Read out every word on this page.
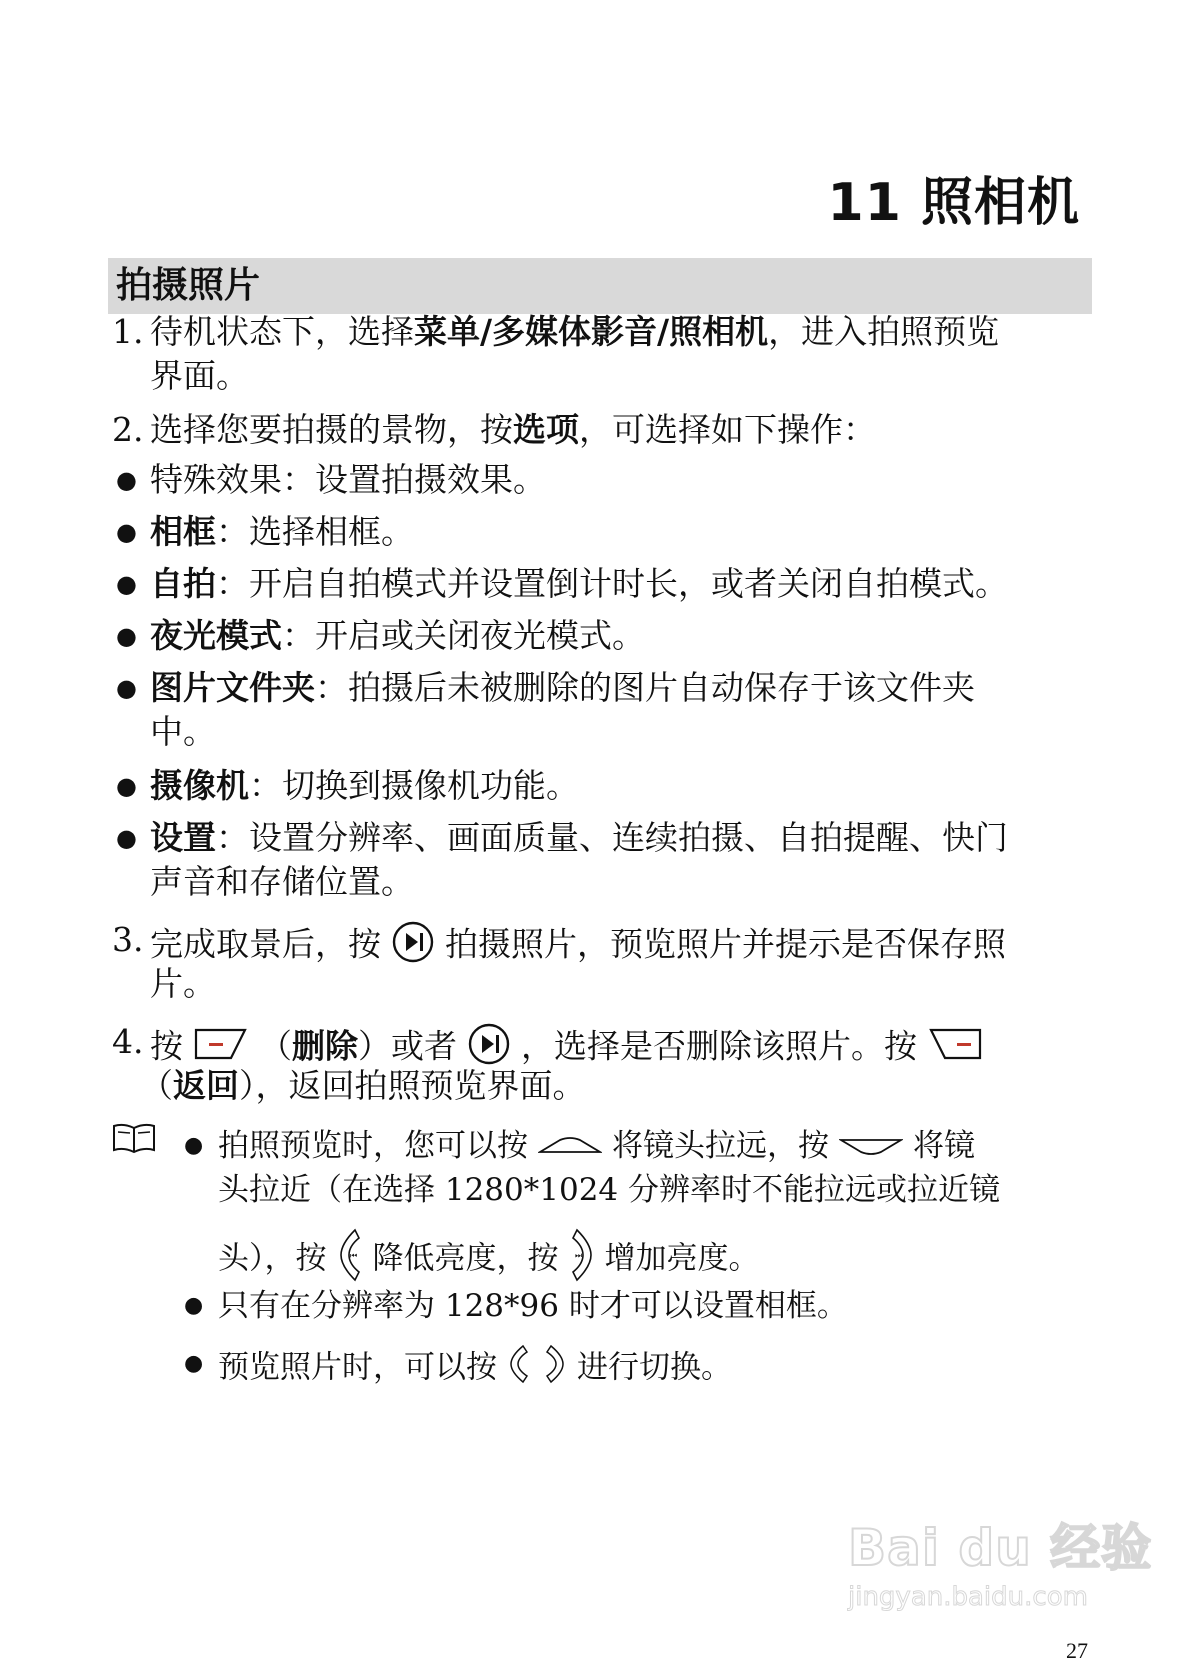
11 照相机
拍摄照片
1. 待机状态下，选择菜单/多媒体影音/照相机，进入拍照预览
界面。
2. 选择您要拍摄的景物，按选项，可选择如下操作：
● 特殊效果：设置拍摄效果。
● 相框：选择相框。
● 自拍：开启自拍模式并设置倒计时长，或者关闭自拍模式。
● 夜光模式：开启或关闭夜光模式。
● 图片文件夹：拍摄后未被删除的图片自动保存于该文件夹
中。
● 摄像机：切换到摄像机功能。
● 设置：设置分辨率、画面质量、连续拍摄、自拍提醒、快门
声音和存储位置。
3. 完成取景后，按 拍摄照片，预览照片并提示是否保存照
片。
4. 按 （删除）或者 ，选择是否删除该照片。按
（返回），返回拍照预览界面。
● 拍照预览时，您可以按	将镜头拉远，按	将镜
头拉近（在选择 1280*1024 分辨率时不能拉远或拉近镜
头），按	⏮ 降低亮度，按 ⏭ 增加亮度。
● 只有在分辨率为 128*96 时才可以设置相框。
● 预览照片时，可以按	进行切换。
Bai du 经验
jingyan.baidu.com
27
